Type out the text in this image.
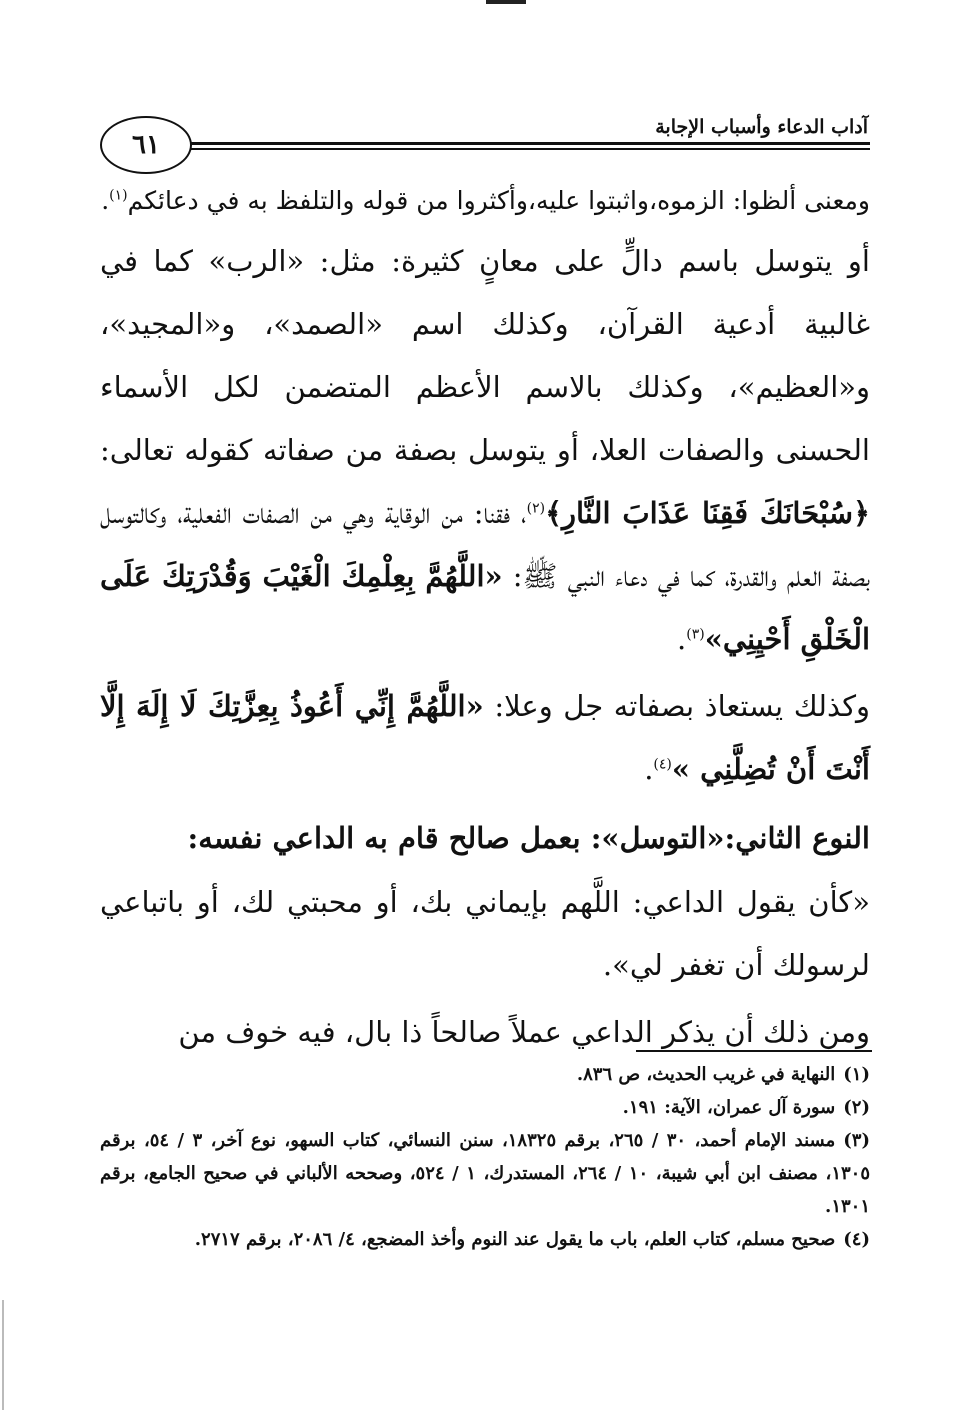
٦١
آداب الدعاء وأسباب الإجابة
ومعنى ألظوا: الزموه،واثبتوا عليه،وأكثروا من قوله والتلفظ به في دعائكم$^{(١)}$.

أو يتوسل باسم دالٍّ على معانٍ كثيرة: مثل: «الرب» كما في غالبية أدعية القرآن، وكذلك اسم «الصمد»، و«المجيد»، و«العظيم»، وكذلك بالاسم الأعظم المتضمن لكل الأسماء الحسنى والصفات العلا، أو يتوسل بصفة من صفاته كقوله تعالى: ﴿سُبْحَانَكَ فَقِنَا عَذَابَ النَّارِ﴾$^{(٢)}$، فقنا: من الوقاية وهي من الصفات الفعلية، وكالتوسل بصفة العلم والقدرة، كما في دعاء النبي ﷺ: «اللَّهُمَّ بِعِلْمِكَ الْغَيْبَ وَقُدْرَتِكَ عَلَى الْخَلْقِ أَحْيِنِي»$^{(٣)}$.

وكذلك يستعاذ بصفاته جل وعلا: «اللَّهُمَّ إِنِّي أَعُوذُ بِعِزَّتِكَ لَا إِلَهَ إِلَّا أَنْتَ أَنْ تُضِلَّنِي »$^{(٤)}$.

النوع الثاني:«التوسل»: بعمل صالح قام به الداعي نفسه:

«كأن يقول الداعي: اللَّهم بإيماني بك، أو محبتي لك، أو باتباعي لرسولك أن تغفر لي».

ومن ذلك أن يذكر الداعي عملاً صالحاً ذا بال، فيه خوف من

(١)النهاية في غريب الحديث، ص ٨٣٦.

(٢)سورة آل عمران، الآية: ١٩١.

(٣)مسند الإمام أحمد، ٣٠ / ٢٦٥، برقم ١٨٣٢٥، سنن النسائي، كتاب السهو، نوع آخر، ٣ / ٥٤، برقم ١٣٠٥، مصنف ابن أبي شيبة، ١٠ / ٢٦٤، المستدرك، ١ / ٥٢٤، وصححه الألباني في صحيح الجامع، برقم ١٣٠١.

(٤)صحيح مسلم، كتاب العلم، باب ما يقول عند النوم وأخذ المضجع، ٤/ ٢٠٨٦، برقم ٢٧١٧.
